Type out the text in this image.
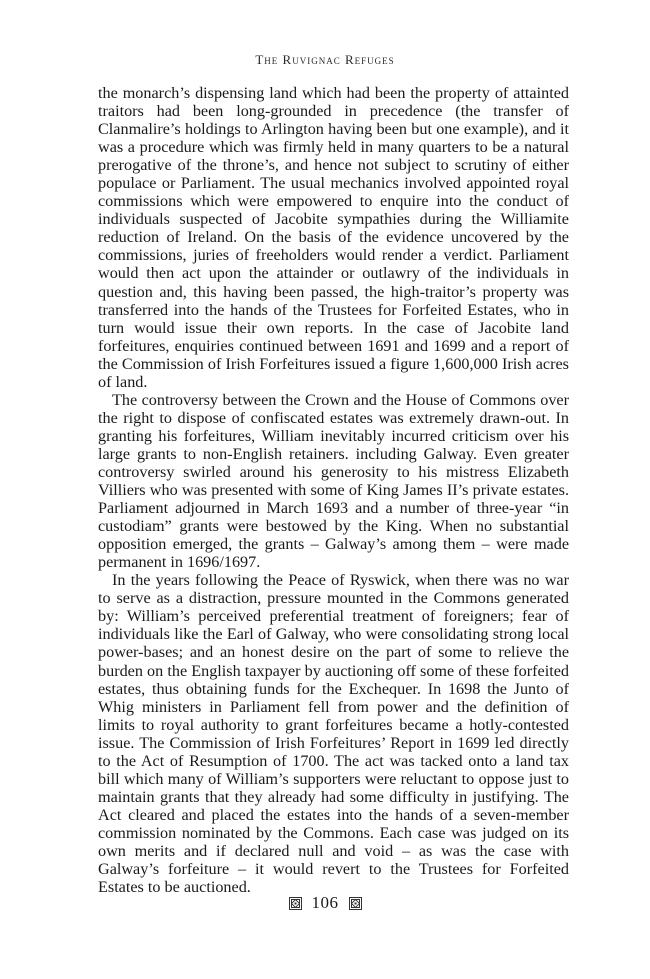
The Ruvignac Refuges

the monarch’s dispensing land which had been the property of attainted traitors had been long-grounded in precedence (the transfer of Clanmalire’s holdings to Arlington having been but one example), and it was a procedure which was firmly held in many quarters to be a natural prerogative of the throne’s, and hence not subject to scrutiny of either populace or Parliament. The usual mechanics involved appointed royal commissions which were empowered to enquire into the conduct of individuals suspected of Jacobite sympathies during the Williamite reduction of Ireland. On the basis of the evidence uncovered by the commissions, juries of freeholders would render a verdict. Parliament would then act upon the attainder or outlawry of the individuals in question and, this having been passed, the high-traitor’s property was transferred into the hands of the Trustees for Forfeited Estates, who in turn would issue their own reports. In the case of Jacobite land forfeitures, enquiries continued between 1691 and 1699 and a report of the Commission of Irish Forfeitures issued a figure 1,600,000 Irish acres of land.

The controversy between the Crown and the House of Commons over the right to dispose of confiscated estates was extremely drawn-out. In granting his forfeitures, William inevitably incurred criticism over his large grants to non-English retainers. including Galway. Even greater controversy swirled around his generosity to his mistress Elizabeth Villiers who was presented with some of King James II’s private estates. Parliament adjourned in March 1693 and a number of three-year “in custodiam” grants were bestowed by the King. When no substantial opposition emerged, the grants – Galway’s among them – were made permanent in 1696/1697.

In the years following the Peace of Ryswick, when there was no war to serve as a distraction, pressure mounted in the Commons generated by: William’s perceived preferential treatment of foreigners; fear of individuals like the Earl of Galway, who were consolidating strong local power-bases; and an honest desire on the part of some to relieve the burden on the English taxpayer by auctioning off some of these forfeited estates, thus obtaining funds for the Exchequer. In 1698 the Junto of Whig ministers in Parliament fell from power and the definition of limits to royal authority to grant forfeitures became a hotly-contested issue. The Commission of Irish Forfeitures’ Report in 1699 led directly to the Act of Resumption of 1700. The act was tacked onto a land tax bill which many of William’s supporters were reluctant to oppose just to maintain grants that they already had some difficulty in justifying. The Act cleared and placed the estates into the hands of a seven-member commission nominated by the Commons. Each case was judged on its own merits and if declared null and void – as was the case with Galway’s forfeiture – it would revert to the Trustees for Forfeited Estates to be auctioned.

106
